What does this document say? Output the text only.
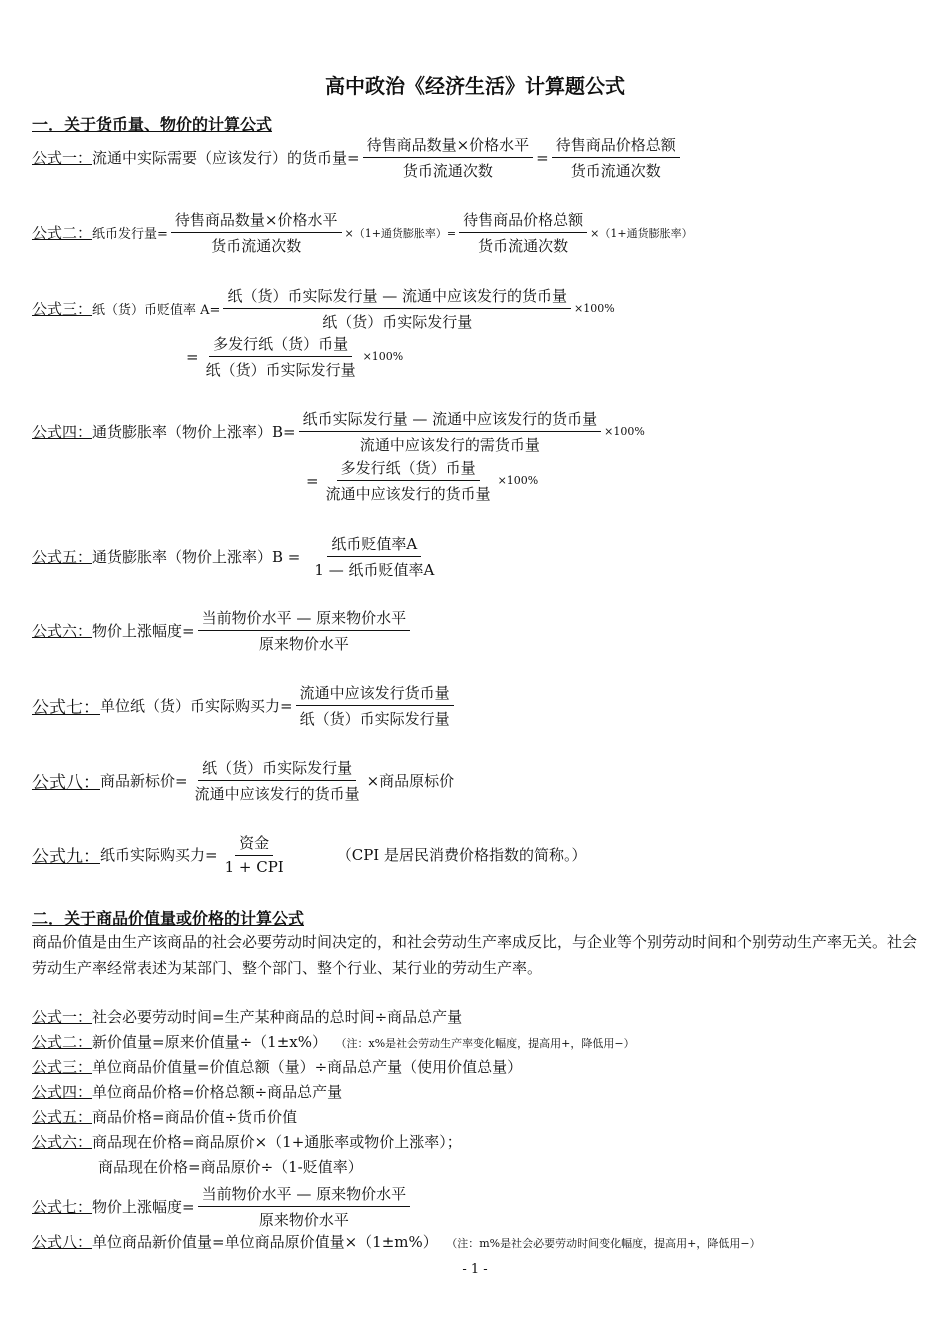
高中政治《经济生活》计算题公式
一．关于货币量、物价的计算公式
公式一： 流通中实际需要（应该发行）的货币量= $\frac{\text{待售商品数量×价格水平}}{\text{货币流通次数}} = \frac{\text{待售商品价格总额}}{\text{货币流通次数}}$
公式二： 纸币发行量= $\frac{\text{待售商品数量×价格水平}}{\text{货币流通次数}} \times(1+$通货膨胀率）= $\frac{\text{待售商品价格总额}}{\text{货币流通次数}} \times(1+$通货膨胀率）
公式三： 纸（货）币贬值率 $A= \frac{\text{纸（货）币实际发行量 — 流通中应该发行的货币量}}{\text{纸（货）币实际发行量}} \times 100\%$
= $\frac{\text{多发行纸（货）币量}}{\text{纸（货）币实际发行量}} \times 100\%$
公式四： 通货膨胀率（物价上涨率）$B= \frac{\text{纸币实际发行量 — 流通中应该发行的货币量}}{\text{流通中应该发行的需货币量}} \times 100\%$
= $\frac{\text{多发行纸（货）币量}}{\text{流通中应该发行的货币量}} \times 100\%$
公式五： 通货膨胀率（物价上涨率）$B = \frac{\text{纸币贬值率A}}{\text{1 — 纸币贬值率A}}$
公式六： 物价上涨幅度= $\frac{\text{当前物价水平 — 原来物价水平}}{\text{原来物价水平}}$
公式七： 单位纸（货）币实际购买力= $\frac{\text{流通中应该发行货币量}}{\text{纸（货）币实际发行量}}$
公式八： 商品新标价= $\frac{\text{纸（货）币实际发行量}}{\text{流通中应该发行的货币量}}$ ×商品原标价
公式九： 纸币实际购买力= $\frac{\text{资金}}{\text{1 + CPI}}$	（CPI 是居民消费价格指数的简称。）
二．关于商品价值量或价格的计算公式
商品价值是由生产该商品的社会必要劳动时间决定的，和社会劳动生产率成反比，与企业等个别劳动时间和个别劳动生产率无关。社会劳动生产率经常表述为某部门、整个部门、整个行业、某行业的劳动生产率。
公式一：社会必要劳动时间=生产某种商品的总时间÷商品总产量
公式二：新价值量=原来价值量÷（1±x%） （注：x%是社会劳动生产率变化幅度，提高用+，降低用−）
公式三：单位商品价值量=价值总额（量）÷商品总产量（使用价值总量）
公式四：单位商品价格=价格总额÷商品总产量
公式五：商品价格=商品价值÷货币价值
公式六：商品现在价格=商品原价×（1+通胀率或物价上涨率）；
商品现在价格=商品原价÷（1-贬值率）
公式七： 物价上涨幅度= $\frac{\text{当前物价水平 — 原来物价水平}}{\text{原来物价水平}}$
公式八：单位商品新价值量=单位商品原价值量×（1±m%） （注：m%是社会必要劳动时间变化幅度，提高用+，降低用−）
- 1 -
